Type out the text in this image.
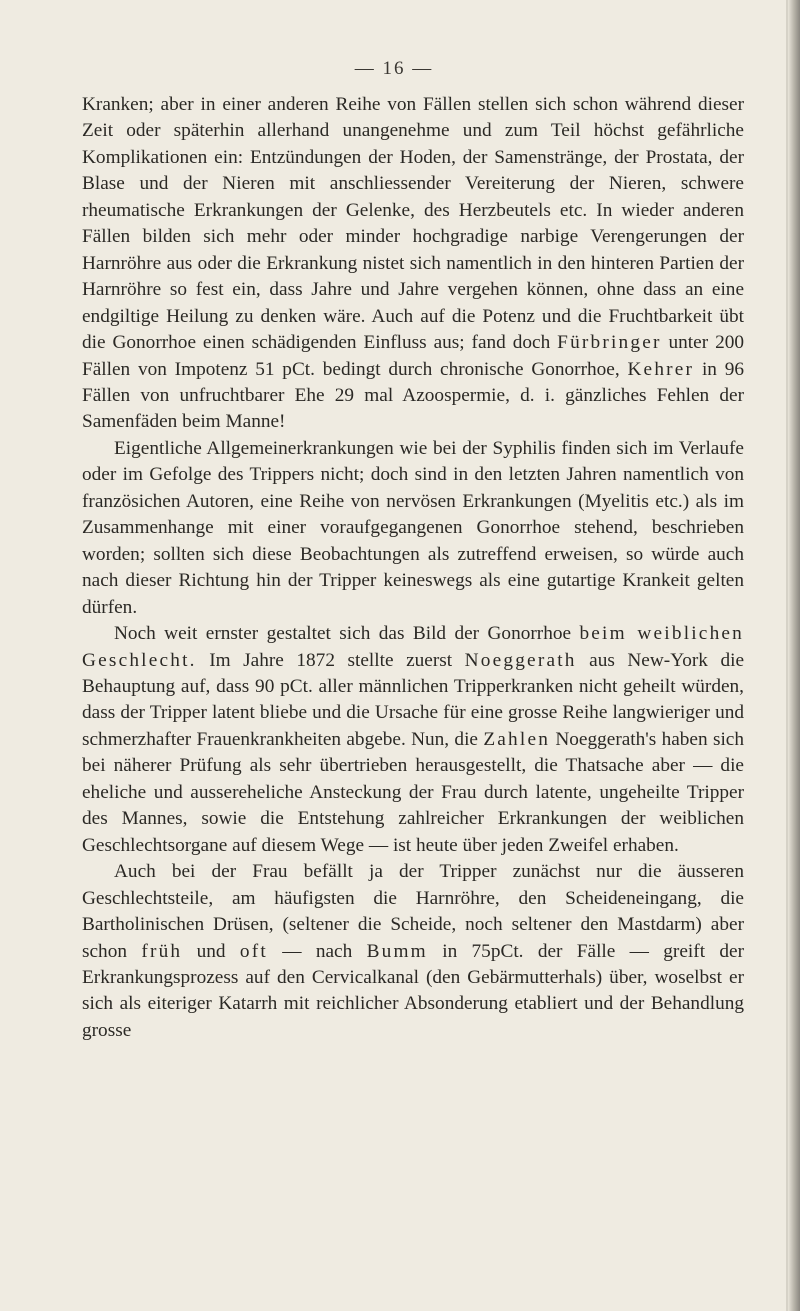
— 16 —

Kranken; aber in einer anderen Reihe von Fällen stellen sich schon während dieser Zeit oder späterhin allerhand unangenehme und zum Teil höchst gefährliche Komplikationen ein: Entzündungen der Hoden, der Samenstränge, der Prostata, der Blase und der Nieren mit anschliessender Vereiterung der Nieren, schwere rheumatische Erkrankungen der Gelenke, des Herzbeutels etc. In wieder anderen Fällen bilden sich mehr oder minder hochgradige narbige Verengerungen der Harnröhre aus oder die Erkrankung nistet sich namentlich in den hinteren Partien der Harnröhre so fest ein, dass Jahre und Jahre vergehen können, ohne dass an eine endgiltige Heilung zu denken wäre. Auch auf die Potenz und die Fruchtbarkeit übt die Gonorrhoe einen schädigenden Einfluss aus; fand doch Fürbringer unter 200 Fällen von Impotenz 51 pCt. bedingt durch chronische Gonorrhoe, Kehrer in 96 Fällen von unfruchtbarer Ehe 29 mal Azoospermie, d. i. gänzliches Fehlen der Samenfäden beim Manne!

Eigentliche Allgemeinerkrankungen wie bei der Syphilis finden sich im Verlaufe oder im Gefolge des Trippers nicht; doch sind in den letzten Jahren namentlich von französichen Autoren, eine Reihe von nervösen Erkrankungen (Myelitis etc.) als im Zusammenhange mit einer voraufgegangenen Gonorrhoe stehend, beschrieben worden; sollten sich diese Beobachtungen als zutreffend erweisen, so würde auch nach dieser Richtung hin der Tripper keineswegs als eine gutartige Krankeit gelten dürfen.

Noch weit ernster gestaltet sich das Bild der Gonorrhoe beim weiblichen Geschlecht. Im Jahre 1872 stellte zuerst Noeggerath aus New-York die Behauptung auf, dass 90 pCt. aller männlichen Tripperkranken nicht geheilt würden, dass der Tripper latent bliebe und die Ursache für eine grosse Reihe langwieriger und schmerzhafter Frauenkrankheiten abgebe. Nun, die Zahlen Noeggerath's haben sich bei näherer Prüfung als sehr übertrieben herausgestellt, die Thatsache aber — die eheliche und aussereheliche Ansteckung der Frau durch latente, ungeheilte Tripper des Mannes, sowie die Entstehung zahlreicher Erkrankungen der weiblichen Geschlechtsorgane auf diesem Wege — ist heute über jeden Zweifel erhaben.

Auch bei der Frau befällt ja der Tripper zunächst nur die äusseren Geschlechtsteile, am häufigsten die Harnröhre, den Scheideneingang, die Bartholinischen Drüsen, (seltener die Scheide, noch seltener den Mastdarm) aber schon früh und oft — nach Bumm in 75pCt. der Fälle — greift der Erkrankungsprozess auf den Cervicalkanal (den Gebärmutterhals) über, woselbst er sich als eiteriger Katarrh mit reichlicher Absonderung etabliert und der Behandlung grosse
